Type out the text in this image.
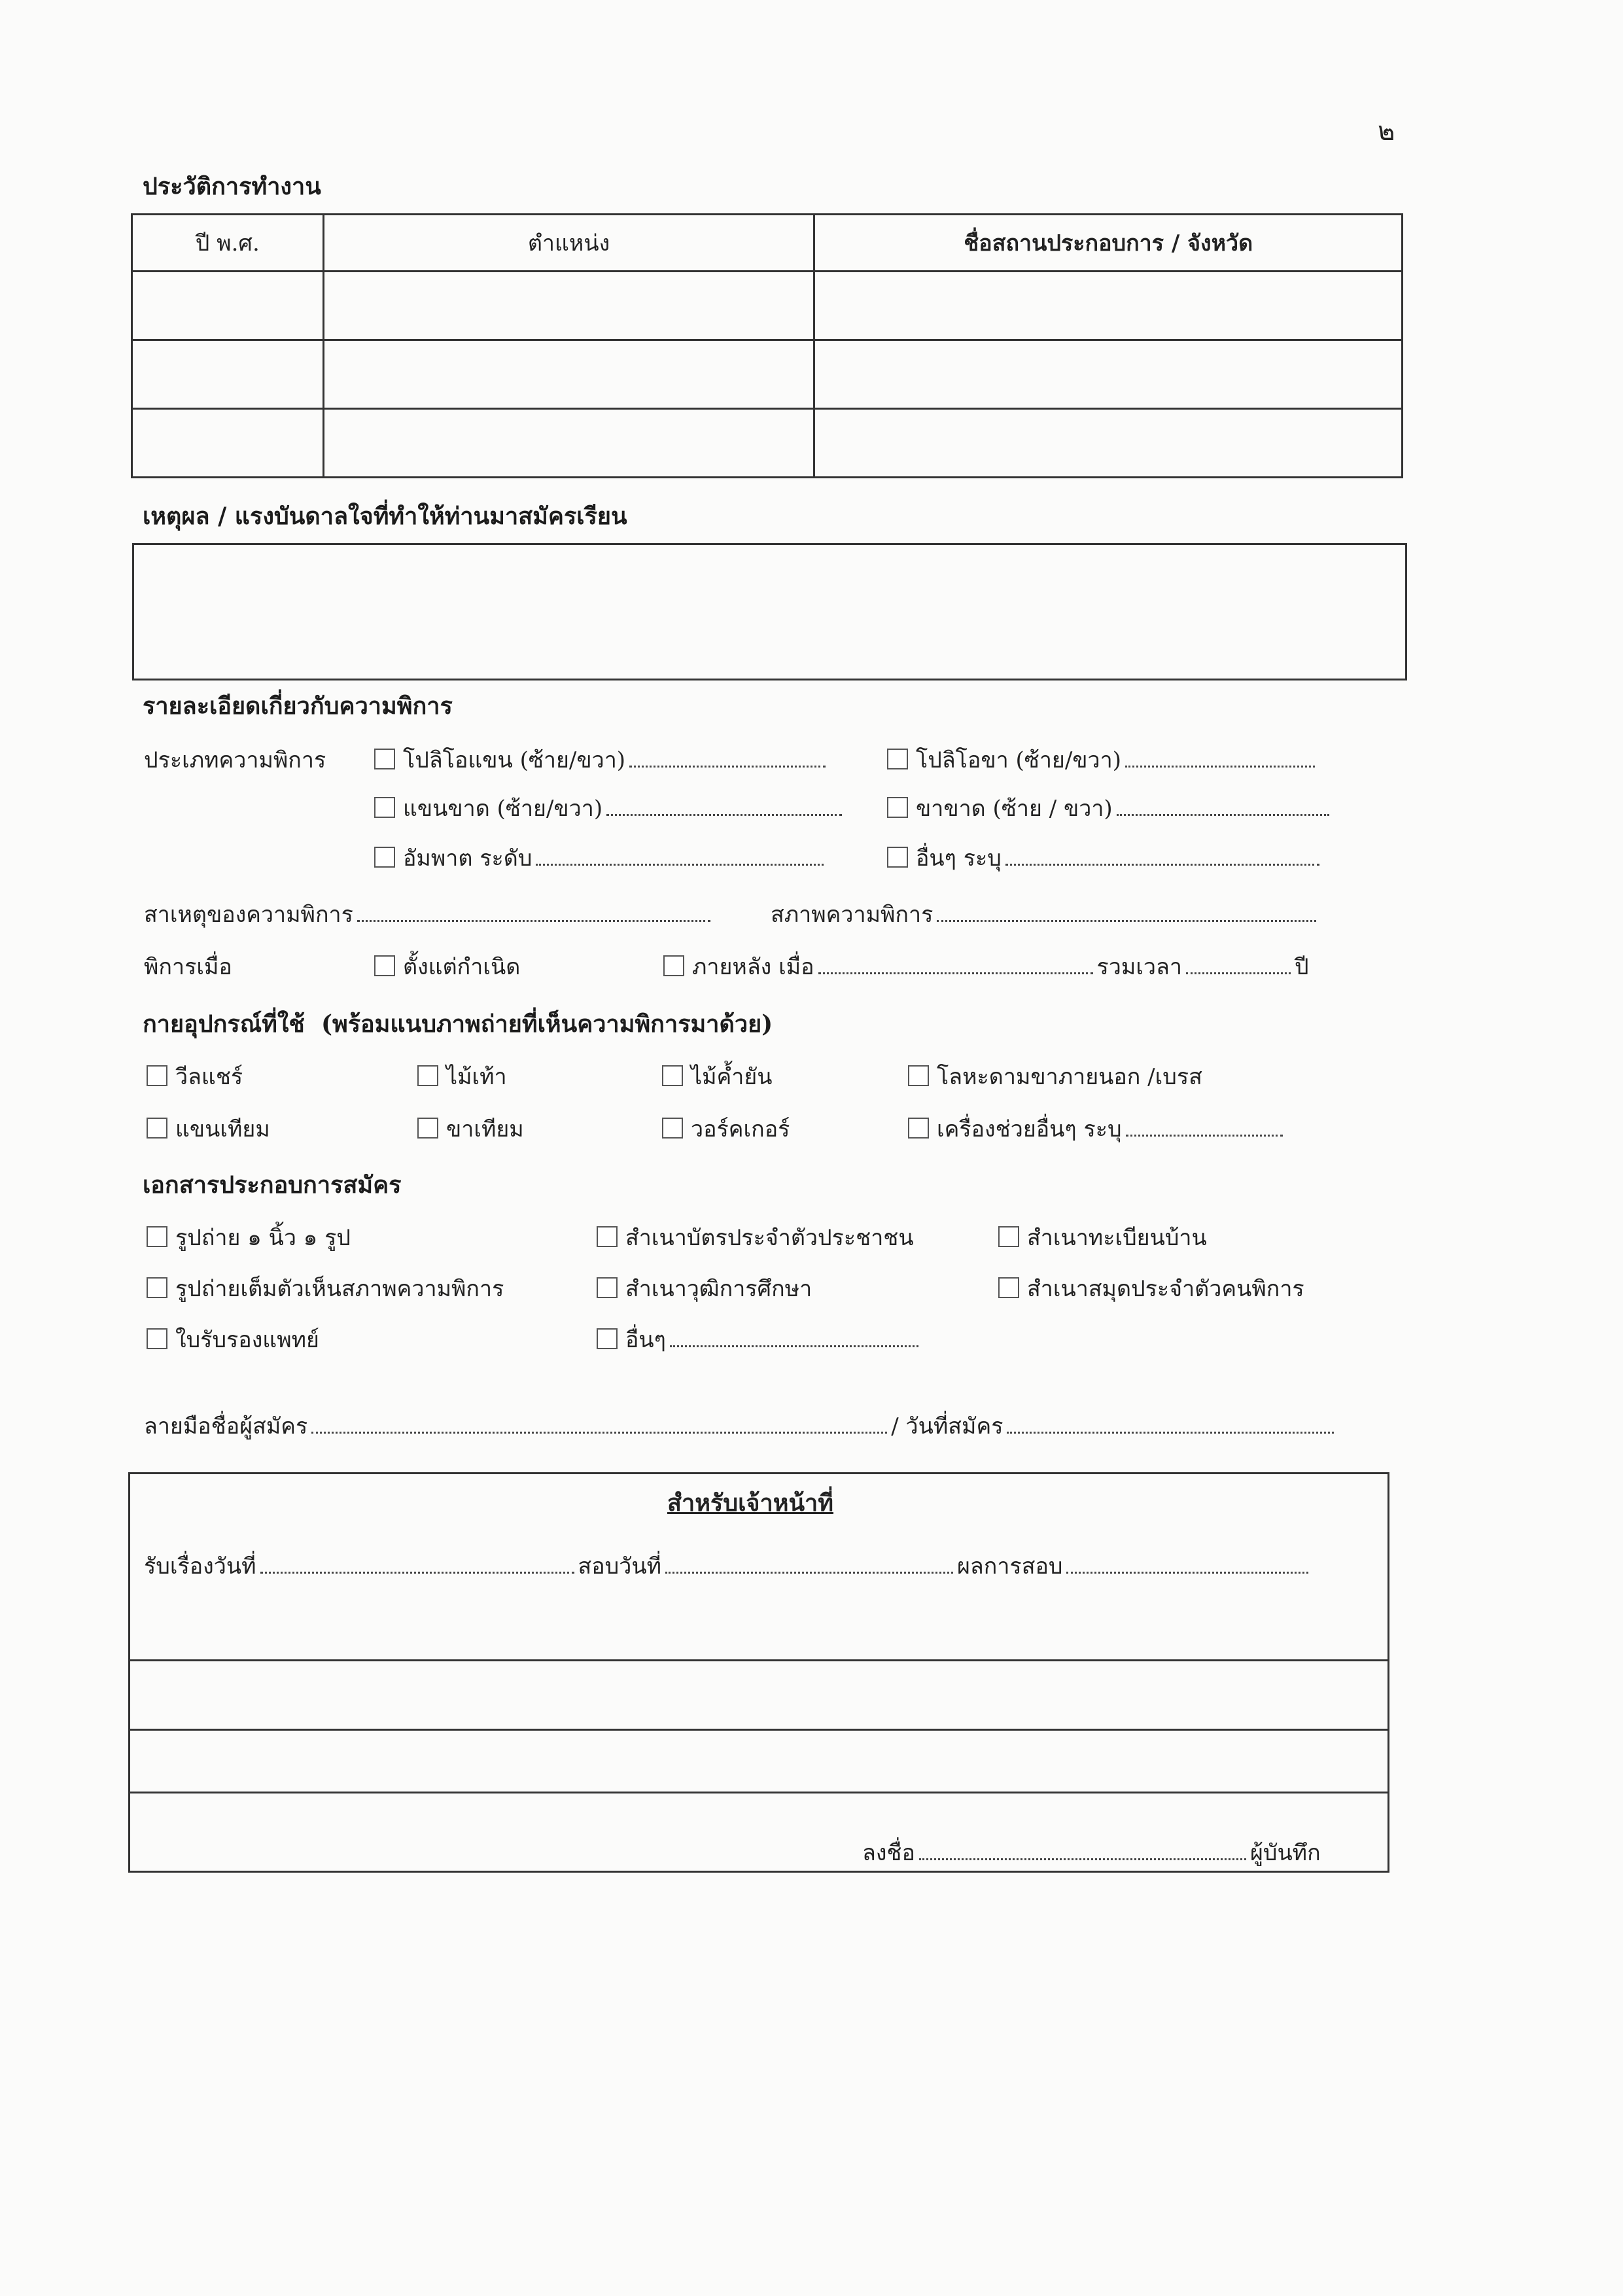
๒
ประวัติการทำงาน
ปี พ.ศ.	ตำแหน่ง	ชื่อสถานประกอบการ / จังหวัด

เหตุผล / แรงบันดาลใจที่ทำให้ท่านมาสมัครเรียน
รายละเอียดเกี่ยวกับความพิการ
ประเภทความพิการ	โปลิโอแขน (ซ้าย/ขวา)	โปลิโอขา (ซ้าย/ขวา)
แขนขาด (ซ้าย/ขวา)	ขาขาด (ซ้าย / ขวา)
อัมพาต ระดับ	อื่นๆ ระบุ
สาเหตุของความพิการ	สภาพความพิการ
พิการเมื่อ	ตั้งแต่กำเนิด	ภายหลัง เมื่อ	รวมเวลา	ปี
กายอุปกรณ์ที่ใช้ (พร้อมแนบภาพถ่ายที่เห็นความพิการมาด้วย)
วีลแชร์	ไม้เท้า	ไม้ค้ำยัน	โลหะดามขาภายนอก /เบรส
แขนเทียม	ขาเทียม	วอร์คเกอร์	เครื่องช่วยอื่นๆ ระบุ
เอกสารประกอบการสมัคร
รูปถ่าย ๑ นิ้ว ๑ รูป	สำเนาบัตรประจำตัวประชาชน	สำเนาทะเบียนบ้าน
รูปถ่ายเต็มตัวเห็นสภาพความพิการ	สำเนาวุฒิการศึกษา	สำเนาสมุดประจำตัวคนพิการ
ใบรับรองแพทย์	อื่นๆ
ลายมือชื่อผู้สมัคร	/ วันที่สมัคร
สำหรับเจ้าหน้าที่
รับเรื่องวันที่	สอบวันที่	ผลการสอบ
ลงชื่อ	ผู้บันทึก
